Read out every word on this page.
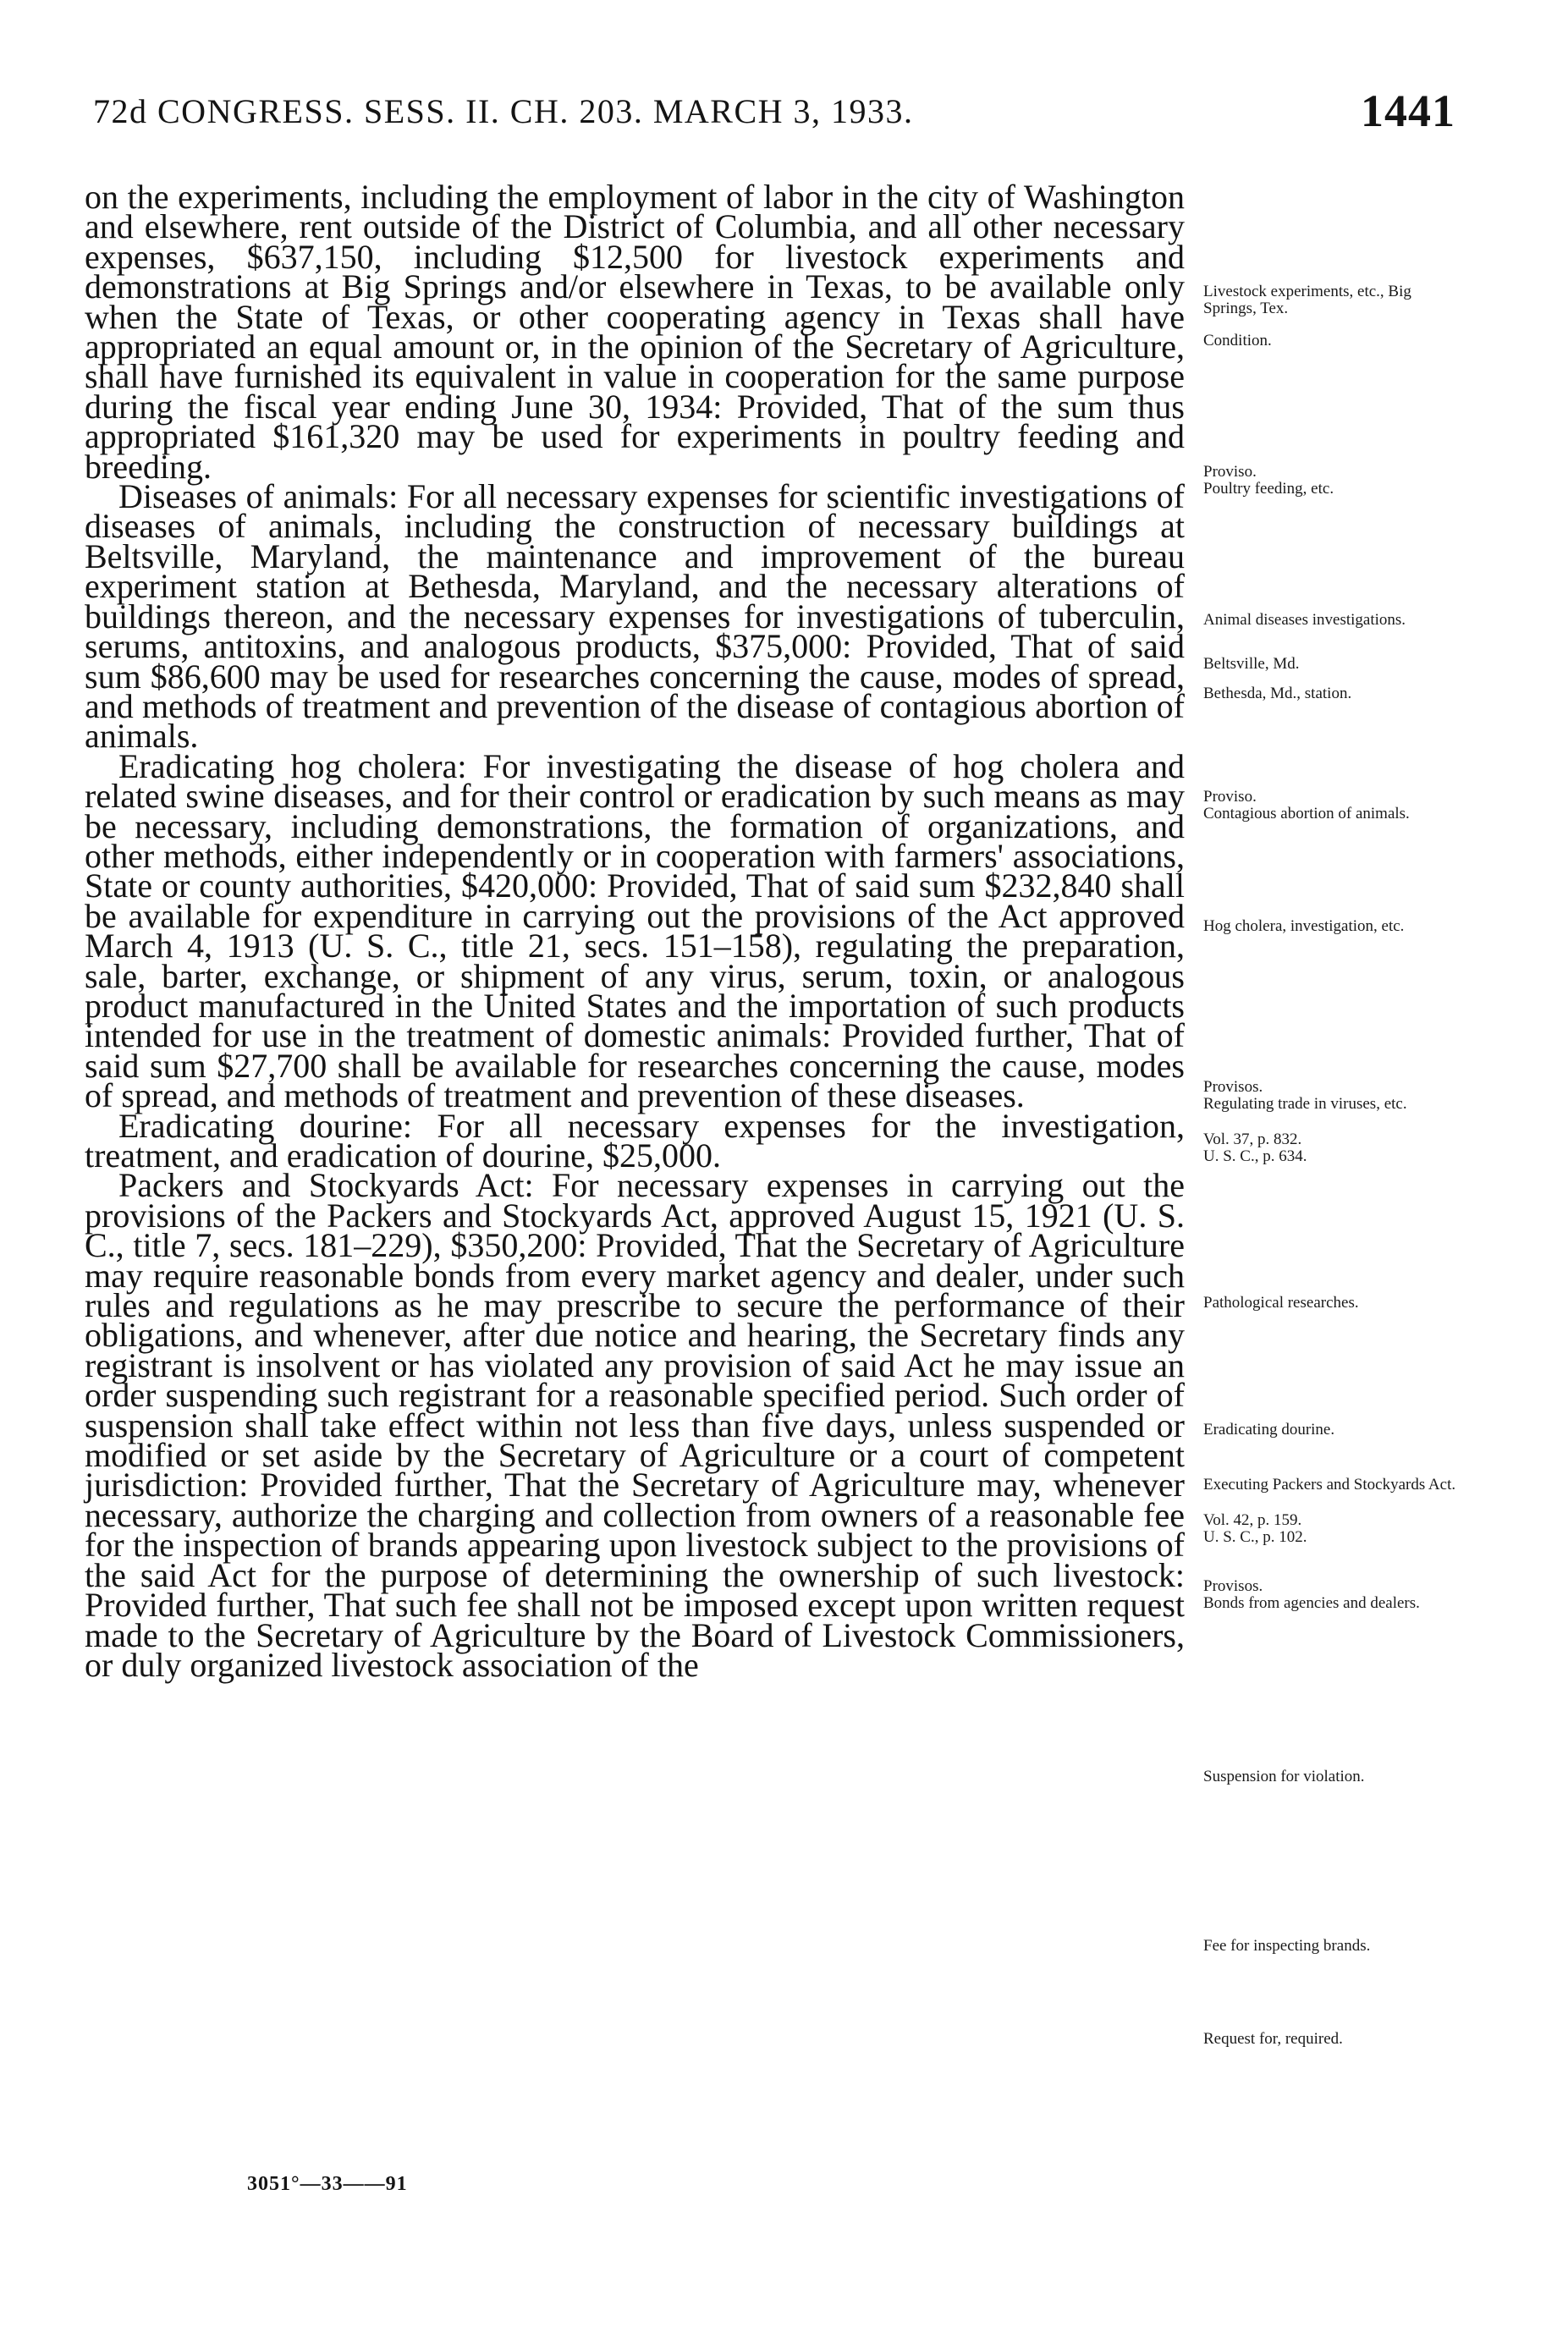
72d CONGRESS. SESS. II. CH. 203. MARCH 3, 1933.	1441

on the experiments, including the employment of labor in the city of Washington and elsewhere, rent outside of the District of Columbia, and all other necessary expenses, $637,150, including $12,500 for livestock experiments and demonstrations at Big Springs and/or elsewhere in Texas, to be available only when the State of Texas, or other cooperating agency in Texas shall have appropriated an equal amount or, in the opinion of the Secretary of Agriculture, shall have furnished its equivalent in value in cooperation for the same purpose during the fiscal year ending June 30, 1934: Provided, That of the sum thus appropriated $161,320 may be used for experiments in poultry feeding and breeding.

Diseases of animals: For all necessary expenses for scientific investigations of diseases of animals, including the construction of necessary buildings at Beltsville, Maryland, the maintenance and improvement of the bureau experiment station at Bethesda, Maryland, and the necessary alterations of buildings thereon, and the necessary expenses for investigations of tuberculin, serums, antitoxins, and analogous products, $375,000: Provided, That of said sum $86,600 may be used for researches concerning the cause, modes of spread, and methods of treatment and prevention of the disease of contagious abortion of animals.

Eradicating hog cholera: For investigating the disease of hog cholera and related swine diseases, and for their control or eradication by such means as may be necessary, including demonstrations, the formation of organizations, and other methods, either independently or in cooperation with farmers' associations, State or county authorities, $420,000: Provided, That of said sum $232,840 shall be available for expenditure in carrying out the provisions of the Act approved March 4, 1913 (U. S. C., title 21, secs. 151–158), regulating the preparation, sale, barter, exchange, or shipment of any virus, serum, toxin, or analogous product manufactured in the United States and the importation of such products intended for use in the treatment of domestic animals: Provided further, That of said sum $27,700 shall be available for researches concerning the cause, modes of spread, and methods of treatment and prevention of these diseases.

Eradicating dourine: For all necessary expenses for the investigation, treatment, and eradication of dourine, $25,000.

Packers and Stockyards Act: For necessary expenses in carrying out the provisions of the Packers and Stockyards Act, approved August 15, 1921 (U. S. C., title 7, secs. 181–229), $350,200: Provided, That the Secretary of Agriculture may require reasonable bonds from every market agency and dealer, under such rules and regulations as he may prescribe to secure the performance of their obligations, and whenever, after due notice and hearing, the Secretary finds any registrant is insolvent or has violated any provision of said Act he may issue an order suspending such registrant for a reasonable specified period. Such order of suspension shall take effect within not less than five days, unless suspended or modified or set aside by the Secretary of Agriculture or a court of competent jurisdiction: Provided further, That the Secretary of Agriculture may, whenever necessary, authorize the charging and collection from owners of a reasonable fee for the inspection of brands appearing upon livestock subject to the provisions of the said Act for the purpose of determining the ownership of such livestock: Provided further, That such fee shall not be imposed except upon written request made to the Secretary of Agriculture by the Board of Livestock Commissioners, or duly organized livestock association of the

Livestock experiments, etc., Big Springs, Tex.
Condition.
Proviso.
Poultry feeding, etc.
Animal diseases investigations.
Beltsville, Md.
Bethesda, Md., station.
Proviso.
Contagious abortion of animals.
Hog cholera, investigation, etc.
Provisos.
Regulating trade in viruses, etc.
Vol. 37, p. 832.
U. S. C., p. 634.
Pathological researches.
Eradicating dourine.
Executing Packers and Stockyards Act.
Vol. 42, p. 159.
U. S. C., p. 102.
Provisos.
Bonds from agencies and dealers.
Suspension for violation.
Fee for inspecting brands.
Request for, required.
3051°—33——91
